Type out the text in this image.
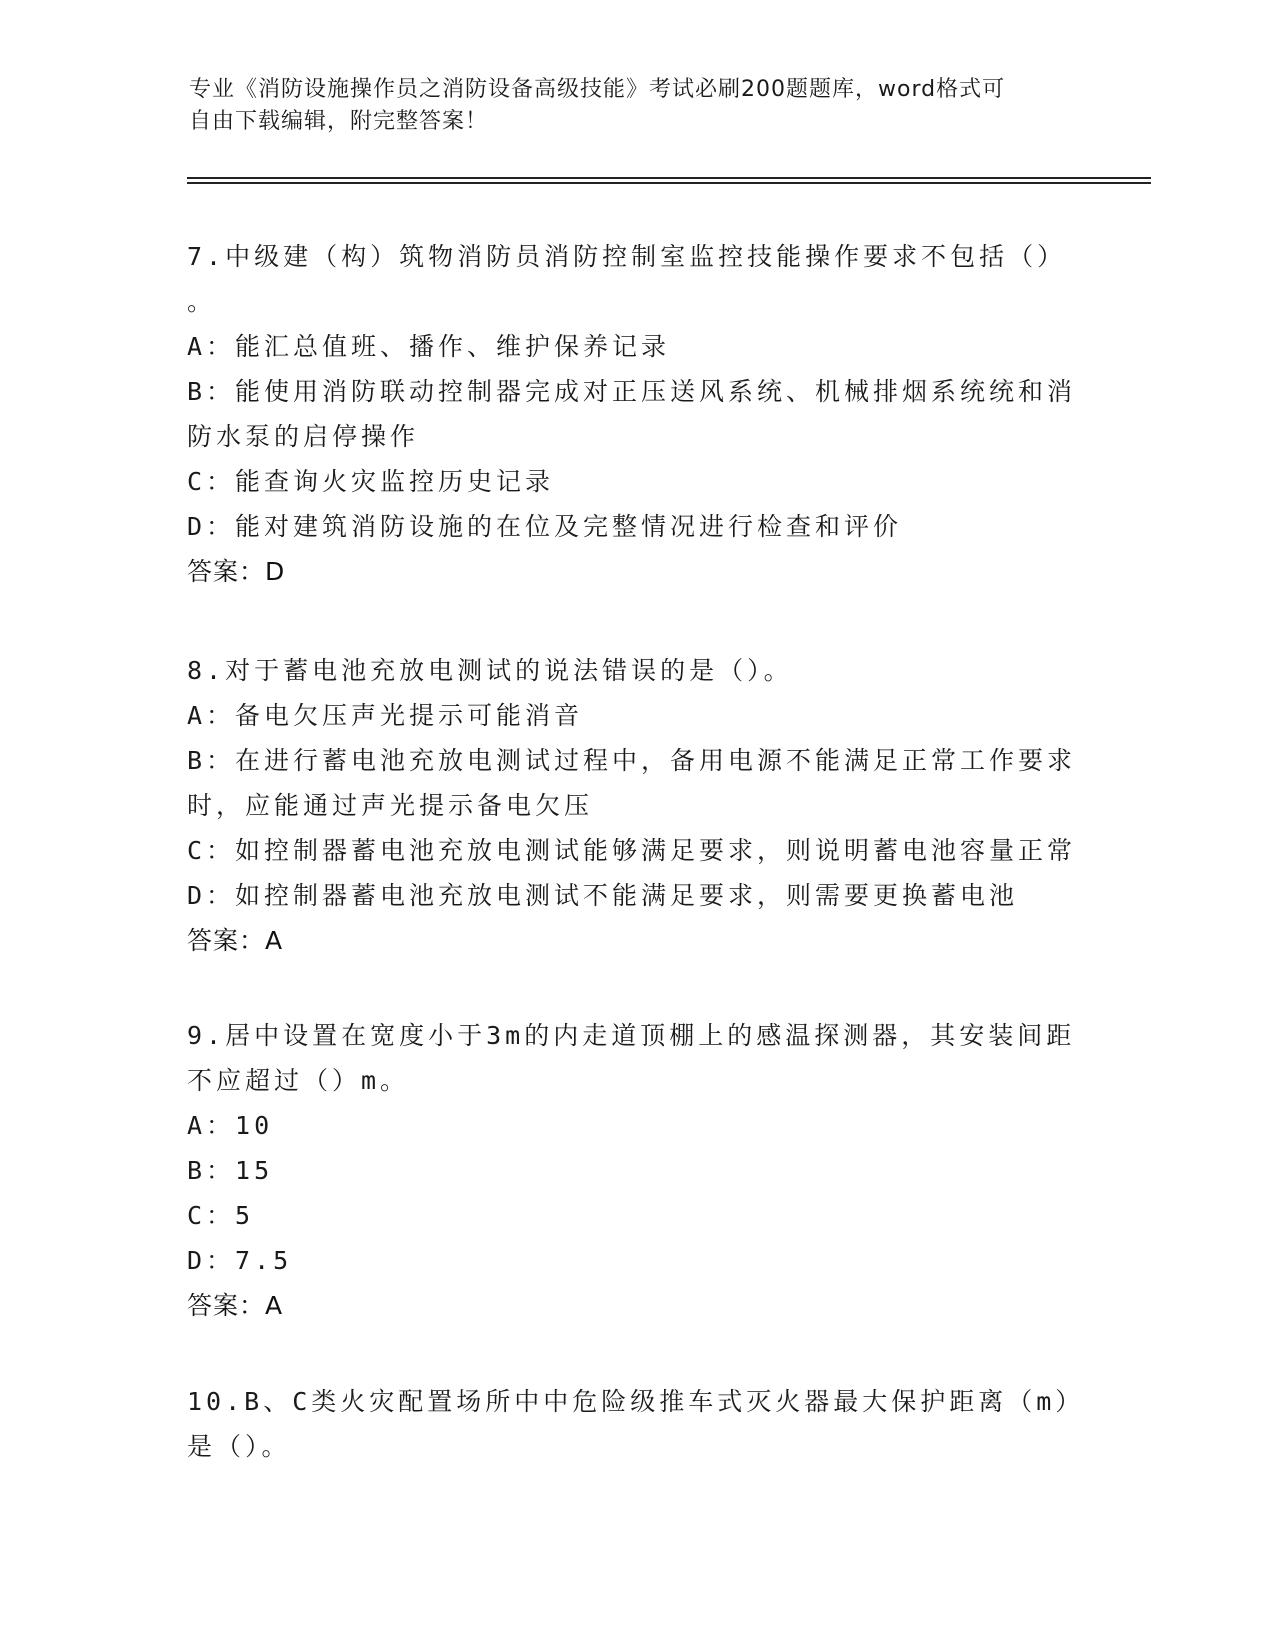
专业《消防设施操作员之消防设备高级技能》考试必刷200题题库，word格式可
自由下载编辑，附完整答案！
7.中级建（构）筑物消防员消防控制室监控技能操作要求不包括（）
。
A：能汇总值班、播作、维护保养记录
B：能使用消防联动控制器完成对正压送风系统、机械排烟系统统和消
防水泵的启停操作
C：能查询火灾监控历史记录
D：能对建筑消防设施的在位及完整情况进行检查和评价
答案：D
8.对于蓄电池充放电测试的说法错误的是（）。
A：备电欠压声光提示可能消音
B：在进行蓄电池充放电测试过程中，备用电源不能满足正常工作要求
时，应能通过声光提示备电欠压
C：如控制器蓄电池充放电测试能够满足要求，则说明蓄电池容量正常
D：如控制器蓄电池充放电测试不能满足要求，则需要更换蓄电池
答案：A
9.居中设置在宽度小于3m的内走道顶棚上的感温探测器，其安装间距
不应超过（）m。
A：10
B：15
C：5
D：7.5
答案：A
10.B、C类火灾配置场所中中危险级推车式灭火器最大保护距离（m）
是（）。
